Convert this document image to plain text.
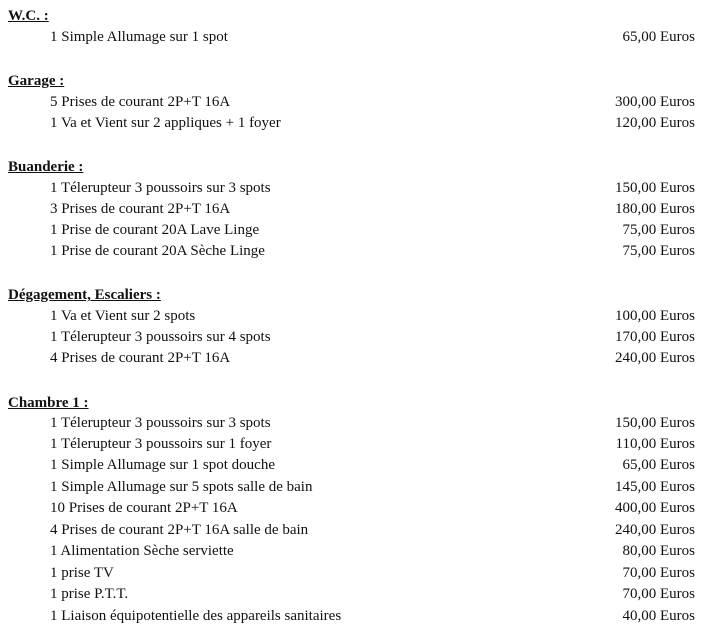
W.C. :
1 Simple Allumage sur 1 spot	65,00 Euros
Garage :
5 Prises de courant 2P+T 16A	300,00 Euros
1 Va et Vient sur 2 appliques + 1 foyer	120,00 Euros
Buanderie :
1 Télerupteur 3 poussoirs sur 3 spots	150,00 Euros
3 Prises de courant 2P+T 16A	180,00 Euros
1 Prise de courant 20A Lave Linge	75,00 Euros
1 Prise de courant 20A Sèche Linge	75,00 Euros
Dégagement, Escaliers :
1 Va et Vient sur 2 spots	100,00 Euros
1 Télerupteur 3 poussoirs sur 4 spots	170,00 Euros
4 Prises de courant 2P+T 16A	240,00 Euros
Chambre 1 :
1 Télerupteur 3 poussoirs sur 3 spots	150,00 Euros
1 Télerupteur 3 poussoirs sur 1 foyer	110,00 Euros
1 Simple Allumage sur 1 spot douche	65,00 Euros
1 Simple Allumage sur 5 spots salle de bain	145,00 Euros
10 Prises de courant 2P+T 16A	400,00 Euros
4 Prises de courant 2P+T 16A salle de bain	240,00 Euros
1 Alimentation Sèche serviette	80,00 Euros
1 prise TV	70,00 Euros
1 prise P.T.T.	70,00 Euros
1 Liaison équipotentielle des appareils sanitaires	40,00 Euros
